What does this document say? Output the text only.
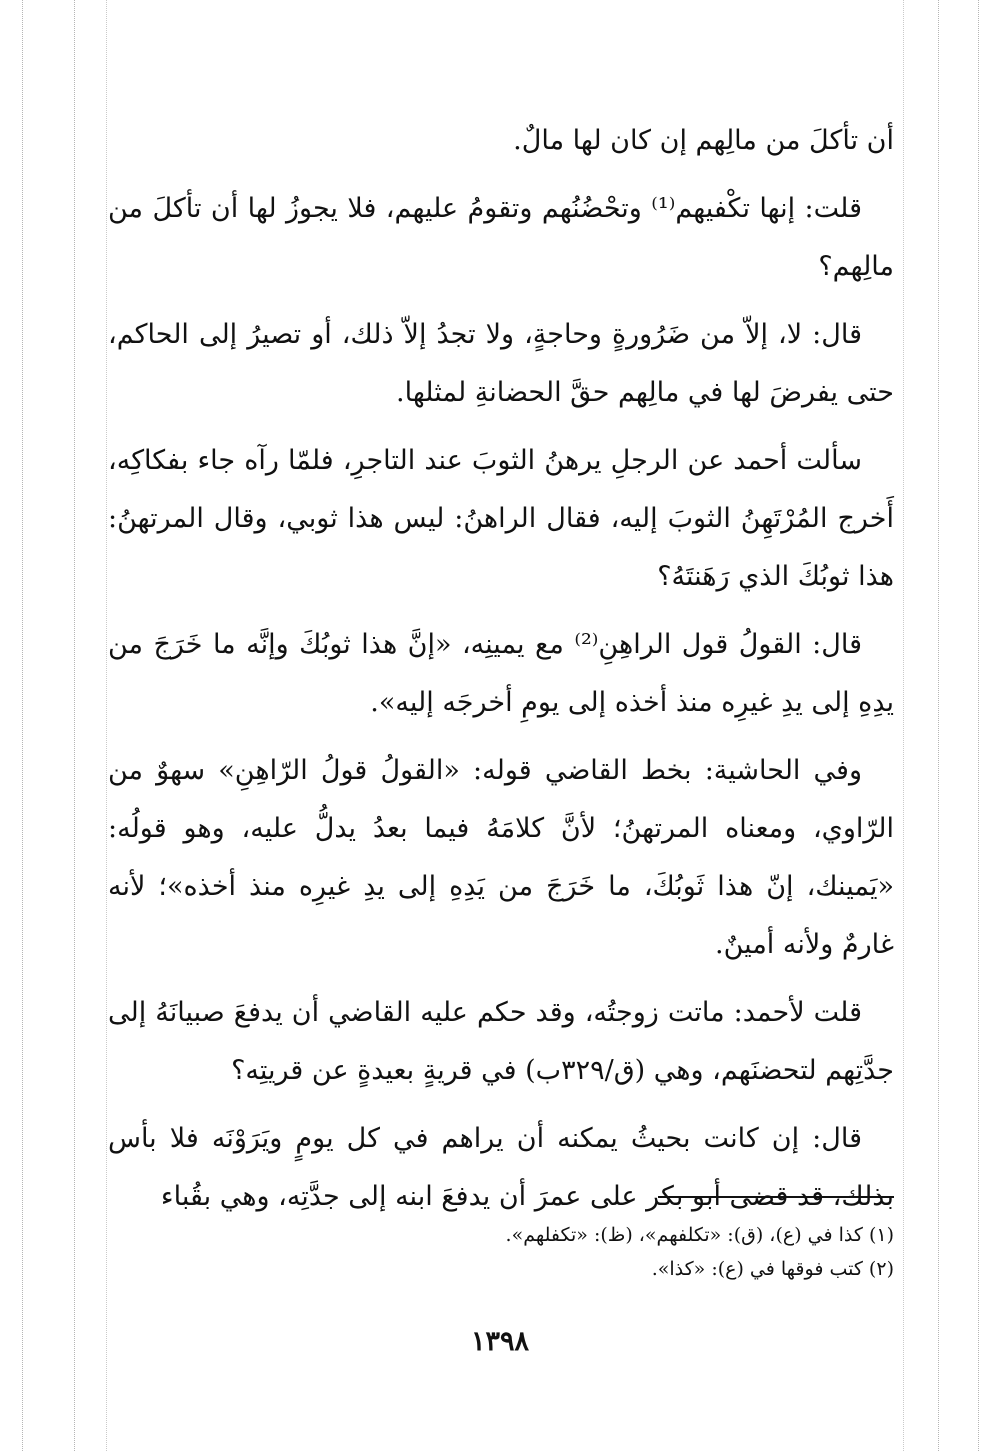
أن تأكلَ من مالِهم إن كان لها مالٌ.

قلت: إنها تكْفيهم⁽¹⁾ وتحْضُنُهم وتقومُ عليهم، فلا يجوزُ لها أن تأكلَ من مالِهم؟

قال: لا، إلاّ من ضَرُورةٍ وحاجةٍ، ولا تجدُ إلاّ ذلك، أو تصيرُ إلى الحاكم، حتى يفرضَ لها في مالِهم حقَّ الحضانةِ لمثلها.

سألت أحمد عن الرجلِ يرهنُ الثوبَ عند التاجرِ، فلمّا رآه جاء بفكاكِه، أَخرج المُرْتَهِنُ الثوبَ إليه، فقال الراهنُ: ليس هذا ثوبي، وقال المرتهنُ: هذا ثوبُكَ الذي رَهَنتَهُ؟

قال: القولُ قول الراهِنِ⁽²⁾ مع يمينِه، «إنَّ هذا ثوبُكَ وإنَّه ما خَرَجَ من يدِهِ إلى يدِ غيرِه منذ أخذه إلى يومِ أخرجَه إليه».

وفي الحاشية: بخط القاضي قوله: «القولُ قولُ الرّاهِنِ» سهوٌ من الرّاوي، ومعناه المرتهنُ؛ لأنَّ كلامَهُ فيما بعدُ يدلُّ عليه، وهو قولُه: «يَمينك، إنّ هذا ثَوبُكَ، ما خَرَجَ من يَدِهِ إلى يدِ غيرِه منذ أخذه»؛ لأنه غارمٌ ولأنه أمينٌ.

قلت لأحمد: ماتت زوجتُه، وقد حكم عليه القاضي أن يدفعَ صبيانَهُ إلى جدَّتِهم لتحضنَهم، وهي (ق/٣٢٩ب) في قريةٍ بعيدةٍ عن قريتِه؟

قال: إن كانت بحيثُ يمكنه أن يراهم في كل يومٍ ويَرَوْنَه فلا بأس بذلك، قد قضى أبو بكر على عمرَ أن يدفعَ ابنه إلى جدَّتِه، وهي بقُباء

(١) كذا في (ع)، (ق): «تكلفهم»، (ظ): «تكفلهم».

(٢) كتب فوقها في (ع): «كذا».

١٣٩٨
